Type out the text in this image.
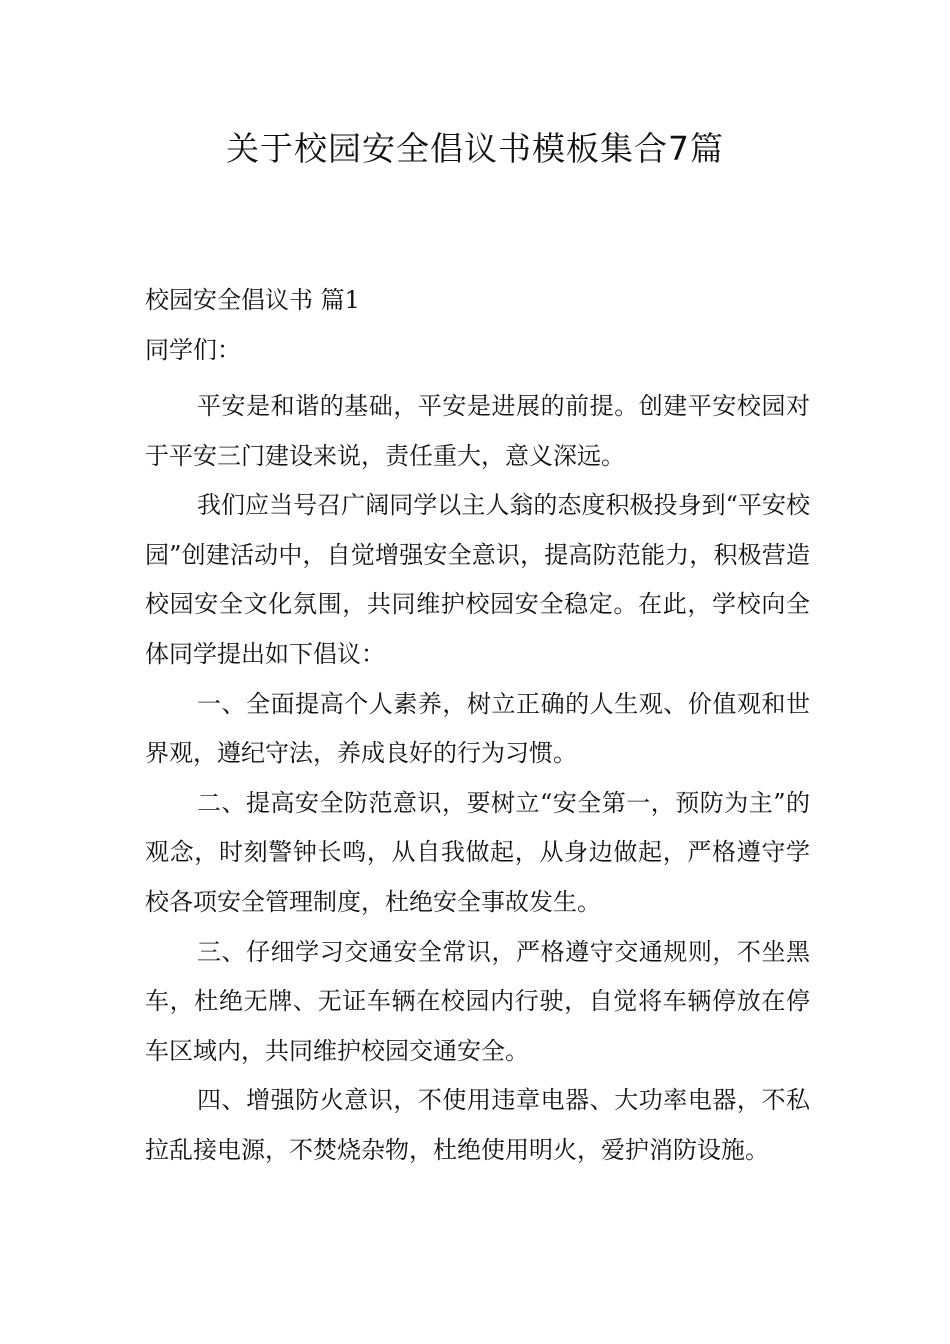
关于校园安全倡议书模板集合7篇

校园安全倡议书 篇1

同学们：

平安是和谐的基础，平安是进展的前提。创建平安校园对于平安三门建设来说，责任重大，意义深远。

我们应当号召广阔同学以主人翁的态度积极投身到“平安校园”创建活动中，自觉增强安全意识，提高防范能力，积极营造校园安全文化氛围，共同维护校园安全稳定。在此，学校向全体同学提出如下倡议：

一、全面提高个人素养，树立正确的人生观、价值观和世界观，遵纪守法，养成良好的行为习惯。

二、提高安全防范意识，要树立“安全第一，预防为主”的观念，时刻警钟长鸣，从自我做起，从身边做起，严格遵守学校各项安全管理制度，杜绝安全事故发生。

三、仔细学习交通安全常识，严格遵守交通规则，不坐黑车，杜绝无牌、无证车辆在校园内行驶，自觉将车辆停放在停车区域内，共同维护校园交通安全。

四、增强防火意识，不使用违章电器、大功率电器，不私拉乱接电源，不焚烧杂物，杜绝使用明火，爱护消防设施。
